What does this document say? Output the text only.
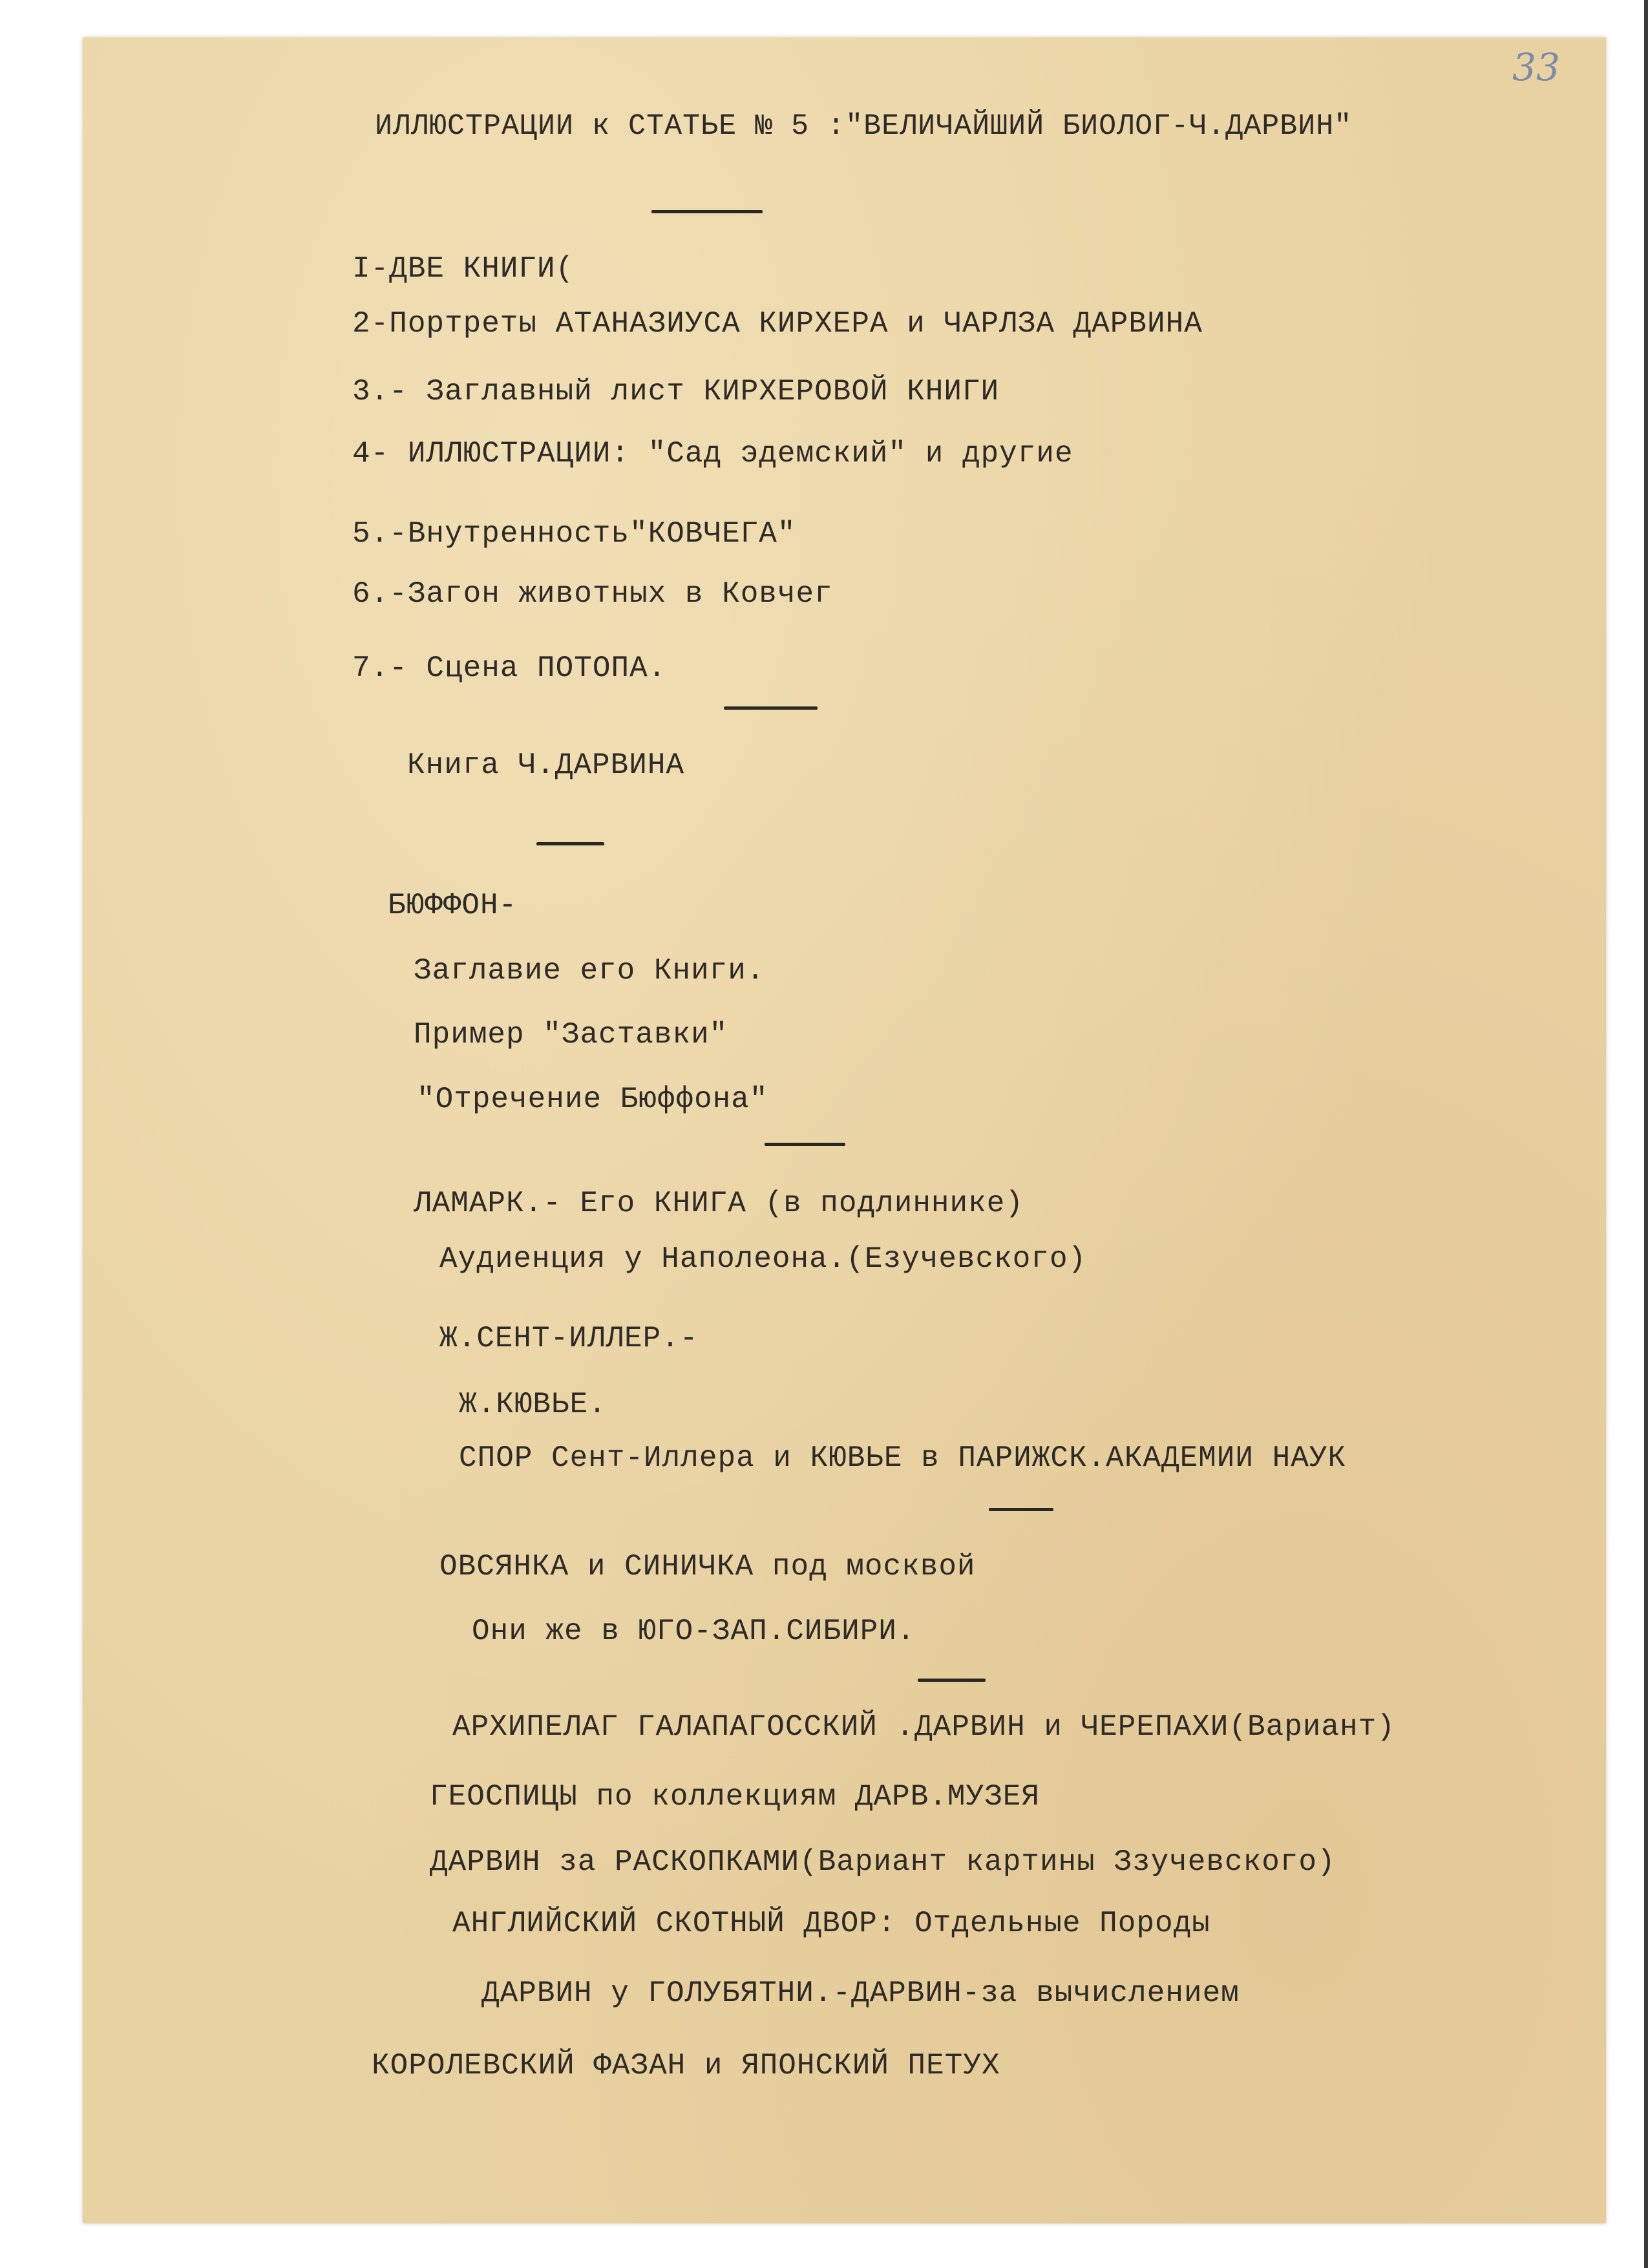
33
ИЛЛЮСТРАЦИИ к СТАТЬЕ № 5 :"ВЕЛИЧАЙШИЙ БИОЛОГ-Ч.ДАРВИН"
I-ДВЕ КНИГИ(
2-Портреты АТАНАЗИУСА КИРХЕРА и ЧАРЛЗА ДАРВИНА
3.- Заглавный лист КИРХЕРОВОЙ КНИГИ
4- ИЛЛЮСТРАЦИИ: "Сад эдемский" и другие
5.-Внутренность"КОВЧЕГА"
6.-Загон животных в Ковчег
7.- Сцена ПОТОПА.
Книга Ч.ДАРВИНА
БЮФФОН-
Заглавие его Книги.
Пример "Заставки"
"Отречение Бюффона"
ЛАМАРК.- Его КНИГА (в подлиннике)
Аудиенция у Наполеона.(Езучевского)
Ж.СЕНТ-ИЛЛЕР.-
Ж.КЮВЬЕ.
СПОР Сент-Иллера и КЮВЬЕ в ПАРИЖСК.АКАДЕМИИ НАУК
ОВСЯНКА и СИНИЧКА под москвой
Они же в ЮГО-ЗАП.СИБИРИ.
АРХИПЕЛАГ ГАЛАПАГОССКИЙ .ДАРВИН и ЧЕРЕПАХИ(Вариант)
ГЕОСПИЦЫ по коллекциям ДАРВ.МУЗЕЯ
ДАРВИН за РАСКОПКАМИ(Вариант картины Ззучевского)
АНГЛИЙСКИЙ СКОТНЫЙ ДВОР: Отдельные Породы
ДАРВИН у ГОЛУБЯТНИ.-ДАРВИН-за вычислением
КОРОЛЕВСКИЙ ФАЗАН и ЯПОНСКИЙ ПЕТУХ
